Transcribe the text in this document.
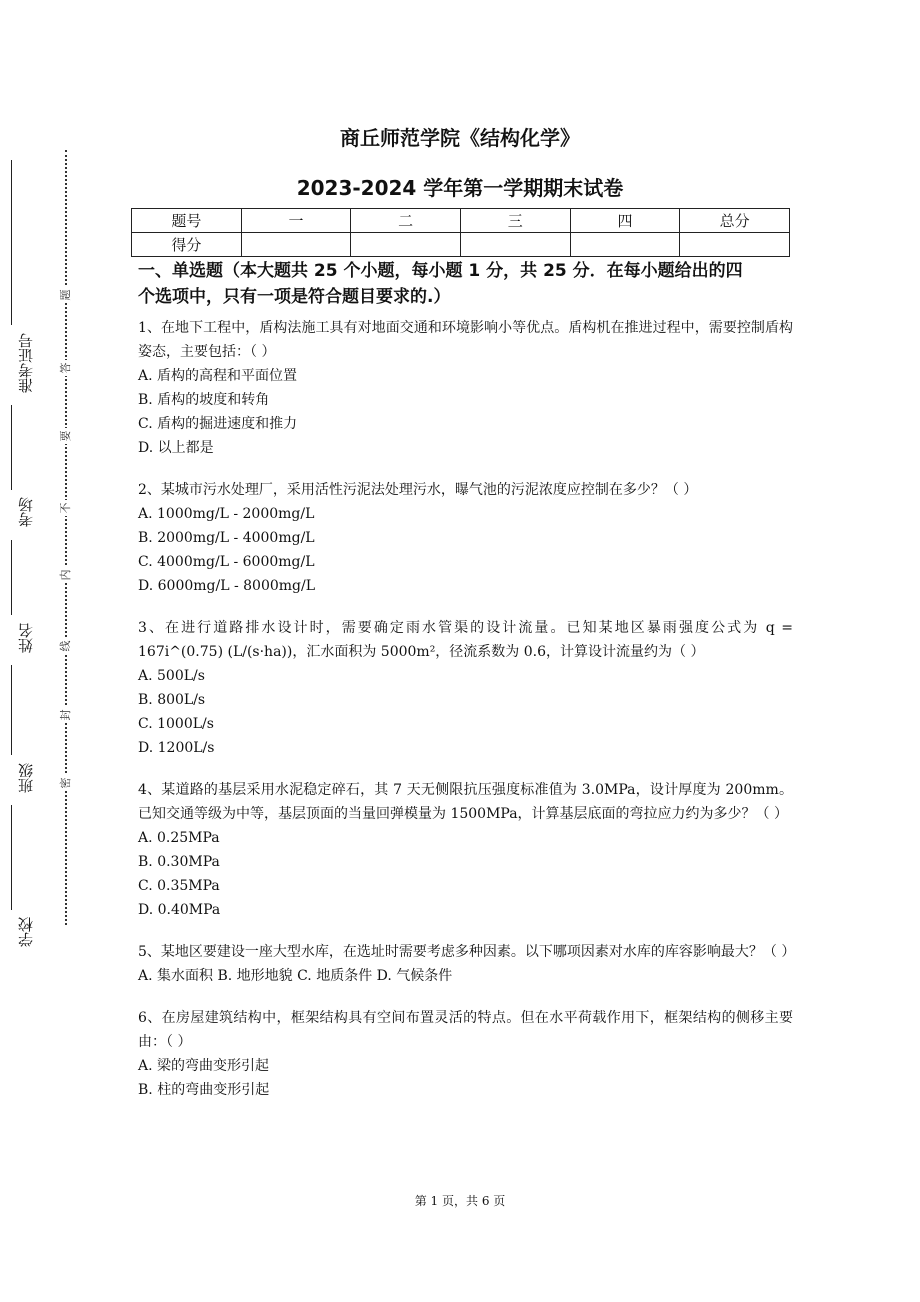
准考证号
考场
姓名
班级
学校
题
答
要
不
内
线
封
密
商丘师范学院《结构化学》
2023-2024 学年第一学期期末试卷
题号	一	二	三	四	总分
得分					

一、单选题（本大题共 25 个小题，每小题 1 分，共 25 分．在每小题给出的四
个选项中，只有一项是符合题目要求的.）

1、在地下工程中，盾构法施工具有对地面交通和环境影响小等优点。盾构机在推进过程中，需要控制盾构姿态，主要包括：（ ）

A. 盾构的高程和平面位置

B. 盾构的坡度和转角

C. 盾构的掘进速度和推力

D. 以上都是

2、某城市污水处理厂，采用活性污泥法处理污水，曝气池的污泥浓度应控制在多少？（ ）

A. 1000mg/L - 2000mg/L

B. 2000mg/L - 4000mg/L

C. 4000mg/L - 6000mg/L

D. 6000mg/L - 8000mg/L

3、在进行道路排水设计时，需要确定雨水管渠的设计流量。已知某地区暴雨强度公式为 q = 167i^(0.75) (L/(s·ha))，汇水面积为 5000m²，径流系数为 0.6，计算设计流量约为（ ）

A. 500L/s

B. 800L/s

C. 1000L/s

D. 1200L/s

4、某道路的基层采用水泥稳定碎石，其 7 天无侧限抗压强度标准值为 3.0MPa，设计厚度为 200mm。已知交通等级为中等，基层顶面的当量回弹模量为 1500MPa，计算基层底面的弯拉应力约为多少？（ ）

A. 0.25MPa

B. 0.30MPa

C. 0.35MPa

D. 0.40MPa

5、某地区要建设一座大型水库，在选址时需要考虑多种因素。以下哪项因素对水库的库容影响最大？（ ）

A. 集水面积 B. 地形地貌 C. 地质条件 D. 气候条件

6、在房屋建筑结构中，框架结构具有空间布置灵活的特点。但在水平荷载作用下，框架结构的侧移主要由：（ ）

A. 梁的弯曲变形引起

B. 柱的弯曲变形引起

第 1 页，共 6 页
